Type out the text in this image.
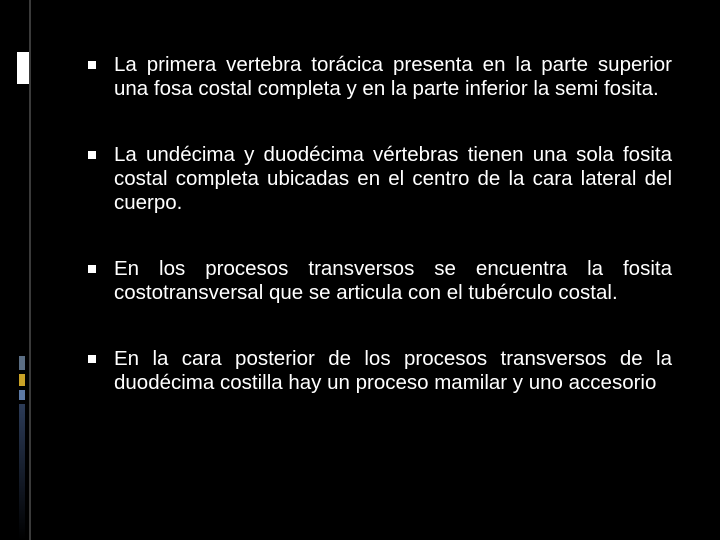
La primera vertebra torácica presenta en la parte superior una fosa costal completa y en la parte inferior la semi fosita.
La undécima y duodécima vértebras tienen una sola fosita costal completa ubicadas en el centro de la cara lateral del cuerpo.
En los procesos transversos se encuentra la fosita costotransversal que se articula con el tubérculo costal.
En la cara posterior de los procesos transversos de la duodécima costilla hay un proceso mamilar y uno accesorio
